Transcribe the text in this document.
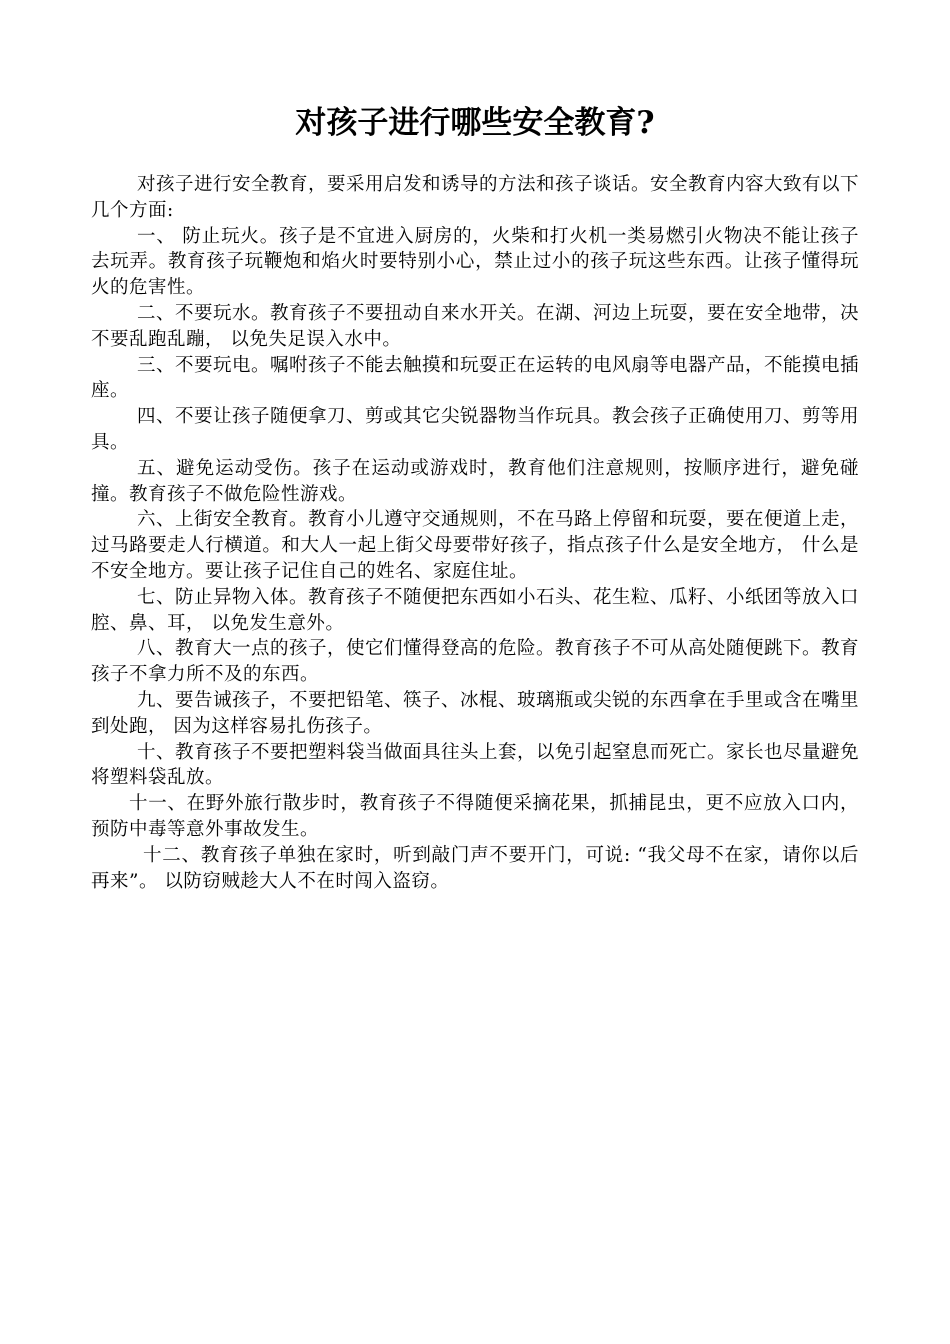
对孩子进行哪些安全教育?

对孩子进行安全教育，要采用启发和诱导的方法和孩子谈话。安全教育内容大致有以下几个方面:

一、 防止玩火。孩子是不宜进入厨房的，火柴和打火机一类易燃引火物决不能让孩子去玩弄。教育孩子玩鞭炮和焰火时要特别小心，禁止过小的孩子玩这些东西。让孩子懂得玩火的危害性。

二、不要玩水。教育孩子不要扭动自来水开关。在湖、河边上玩耍，要在安全地带，决不要乱跑乱蹦， 以免失足误入水中。

三、不要玩电。嘱咐孩子不能去触摸和玩耍正在运转的电风扇等电器产品，不能摸电插座。

四、不要让孩子随便拿刀、剪或其它尖锐器物当作玩具。教会孩子正确使用刀、剪等用具。

五、避免运动受伤。孩子在运动或游戏时，教育他们注意规则，按顺序进行，避免碰撞。教育孩子不做危险性游戏。

六、上街安全教育。教育小儿遵守交通规则，不在马路上停留和玩耍，要在便道上走，过马路要走人行横道。和大人一起上街父母要带好孩子，指点孩子什么是安全地方， 什么是不安全地方。要让孩子记住自己的姓名、家庭住址。

七、防止异物入体。教育孩子不随便把东西如小石头、花生粒、瓜籽、小纸团等放入口腔、鼻、耳， 以免发生意外。

八、教育大一点的孩子，使它们懂得登高的危险。教育孩子不可从高处随便跳下。教育孩子不拿力所不及的东西。

九、要告诫孩子，不要把铅笔、筷子、冰棍、玻璃瓶或尖锐的东西拿在手里或含在嘴里到处跑， 因为这样容易扎伤孩子。

十、教育孩子不要把塑料袋当做面具往头上套，以免引起窒息而死亡。家长也尽量避免将塑料袋乱放。

十一、在野外旅行散步时，教育孩子不得随便采摘花果，抓捕昆虫，更不应放入口内，预防中毒等意外事故发生。

十二、教育孩子单独在家时，听到敲门声不要开门，可说: “我父母不在家，请你以后再来”。 以防窃贼趁大人不在时闯入盗窃。
